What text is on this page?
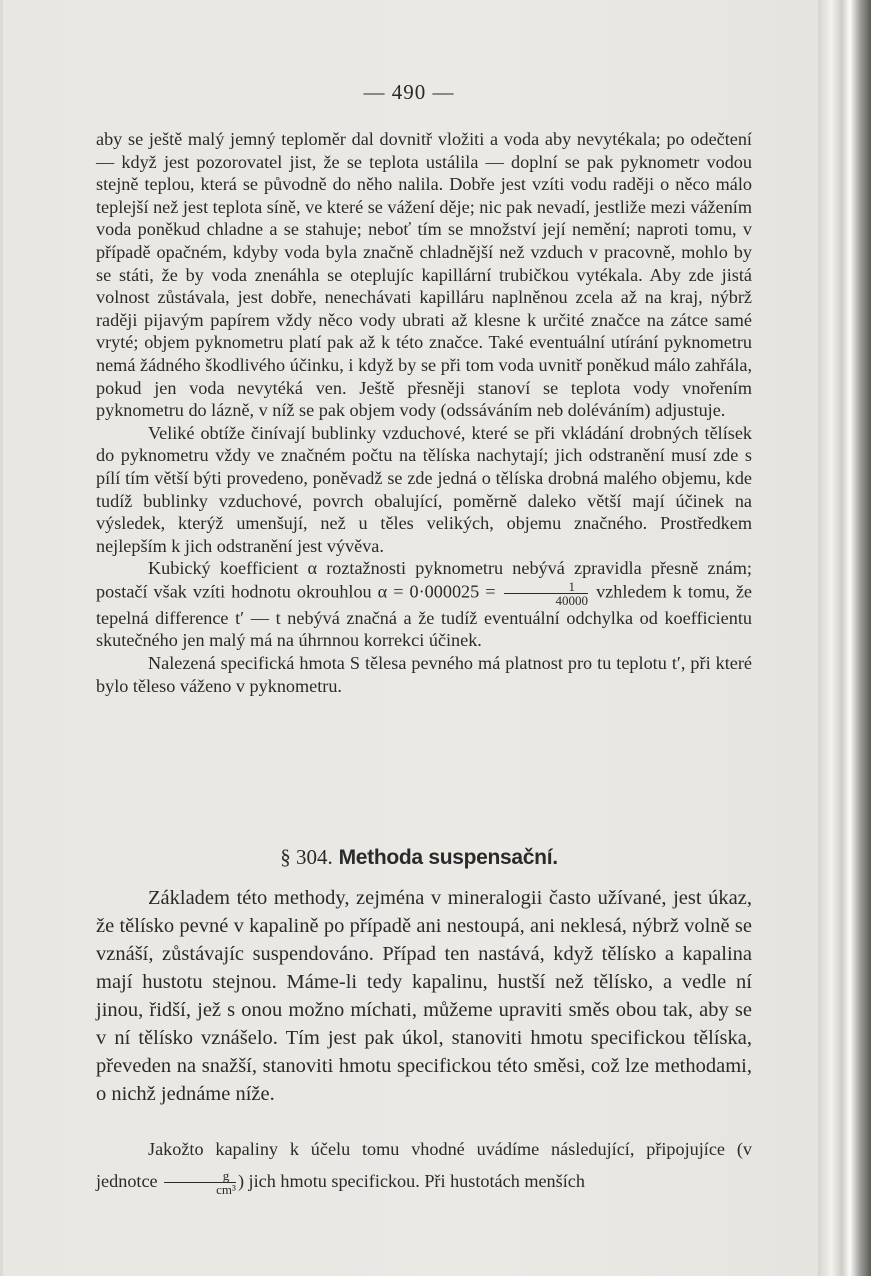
— 490 —

aby se ještě malý jemný teploměr dal dovnitř vložiti a voda aby nevytékala; po odečtení — když jest pozorovatel jist, že se teplota ustálila — doplní se pak pyknometr vodou stejně teplou, která se původně do něho nalila. Dobře jest vzíti vodu raději o něco málo teplejší než jest teplota síně, ve které se vážení děje; nic pak nevadí, jestliže mezi vážením voda poněkud chladne a se stahuje; neboť tím se množství její nemění; naproti tomu, v případě opačném, kdyby voda byla značně chladnější než vzduch v pracovně, mohlo by se státi, že by voda znenáhla se oteplujíc kapillární trubičkou vytékala. Aby zde jistá volnost zůstávala, jest dobře, nenechávati kapilláru naplněnou zcela až na kraj, nýbrž raději pijavým papírem vždy něco vody ubrati až klesne k určité značce na zátce samé vryté; objem pyknometru platí pak až k této značce. Také eventuální utírání pyknometru nemá žádného škodlivého účinku, i když by se při tom voda uvnitř poněkud málo zahřála, pokud jen voda nevytéká ven. Ještě přesněji stanoví se teplota vody vnořením pyknometru do lázně, v níž se pak objem vody (odssáváním neb doléváním) adjustuje.

Veliké obtíže činívají bublinky vzduchové, které se při vkládání drobných tělísek do pyknometru vždy ve značném počtu na tělíska nachytají; jich odstranění musí zde s pílí tím větší býti provedeno, poněvadž se zde jedná o tělíska drobná malého objemu, kde tudíž bublinky vzduchové, povrch obalující, poměrně daleko větší mají účinek na výsledek, kterýž umenšují, než u těles velikých, objemu značného. Prostředkem nejlepším k jich odstranění jest vývěva.

Kubický koefficient α roztažnosti pyknometru nebývá zpravidla přesně znám; postačí však vzíti hodnotu okrouhlou $\alpha = 0\cdot 000025 = \frac{1}{40000}$ vzhledem k tomu, že tepelná difference t′ — t nebývá značná a že tudíž eventuální odchylka od koefficientu skutečného jen malý má na úhrnnou korrekci účinek.

Nalezená specifická hmota S tělesa pevného má platnost pro tu teplotu t′, při které bylo těleso váženo v pyknometru.

§ 304. Methoda suspensační.

Základem této methody, zejména v mineralogii často užívané, jest úkaz, že tělísko pevné v kapalině po případě ani nestoupá, ani neklesá, nýbrž volně se vznáší, zůstávajíc suspendováno. Případ ten nastává, když tělísko a kapalina mají hustotu stejnou. Máme-li tedy kapalinu, hustší než tělísko, a vedle ní jinou, řidší, jež s onou možno míchati, můžeme upraviti směs obou tak, aby se v ní tělísko vznášelo. Tím jest pak úkol, stanoviti hmotu specifickou tělíska, převeden na snažší, stanoviti hmotu specifickou této směsi, což lze methodami, o nichž jednáme níže.

Jakožto kapaliny k účelu tomu vhodné uvádíme následující, připojujíce (v jednotce $\frac{g}{\text{cm³}}$ ) jich hmotu specifickou. Při hustotách menších
